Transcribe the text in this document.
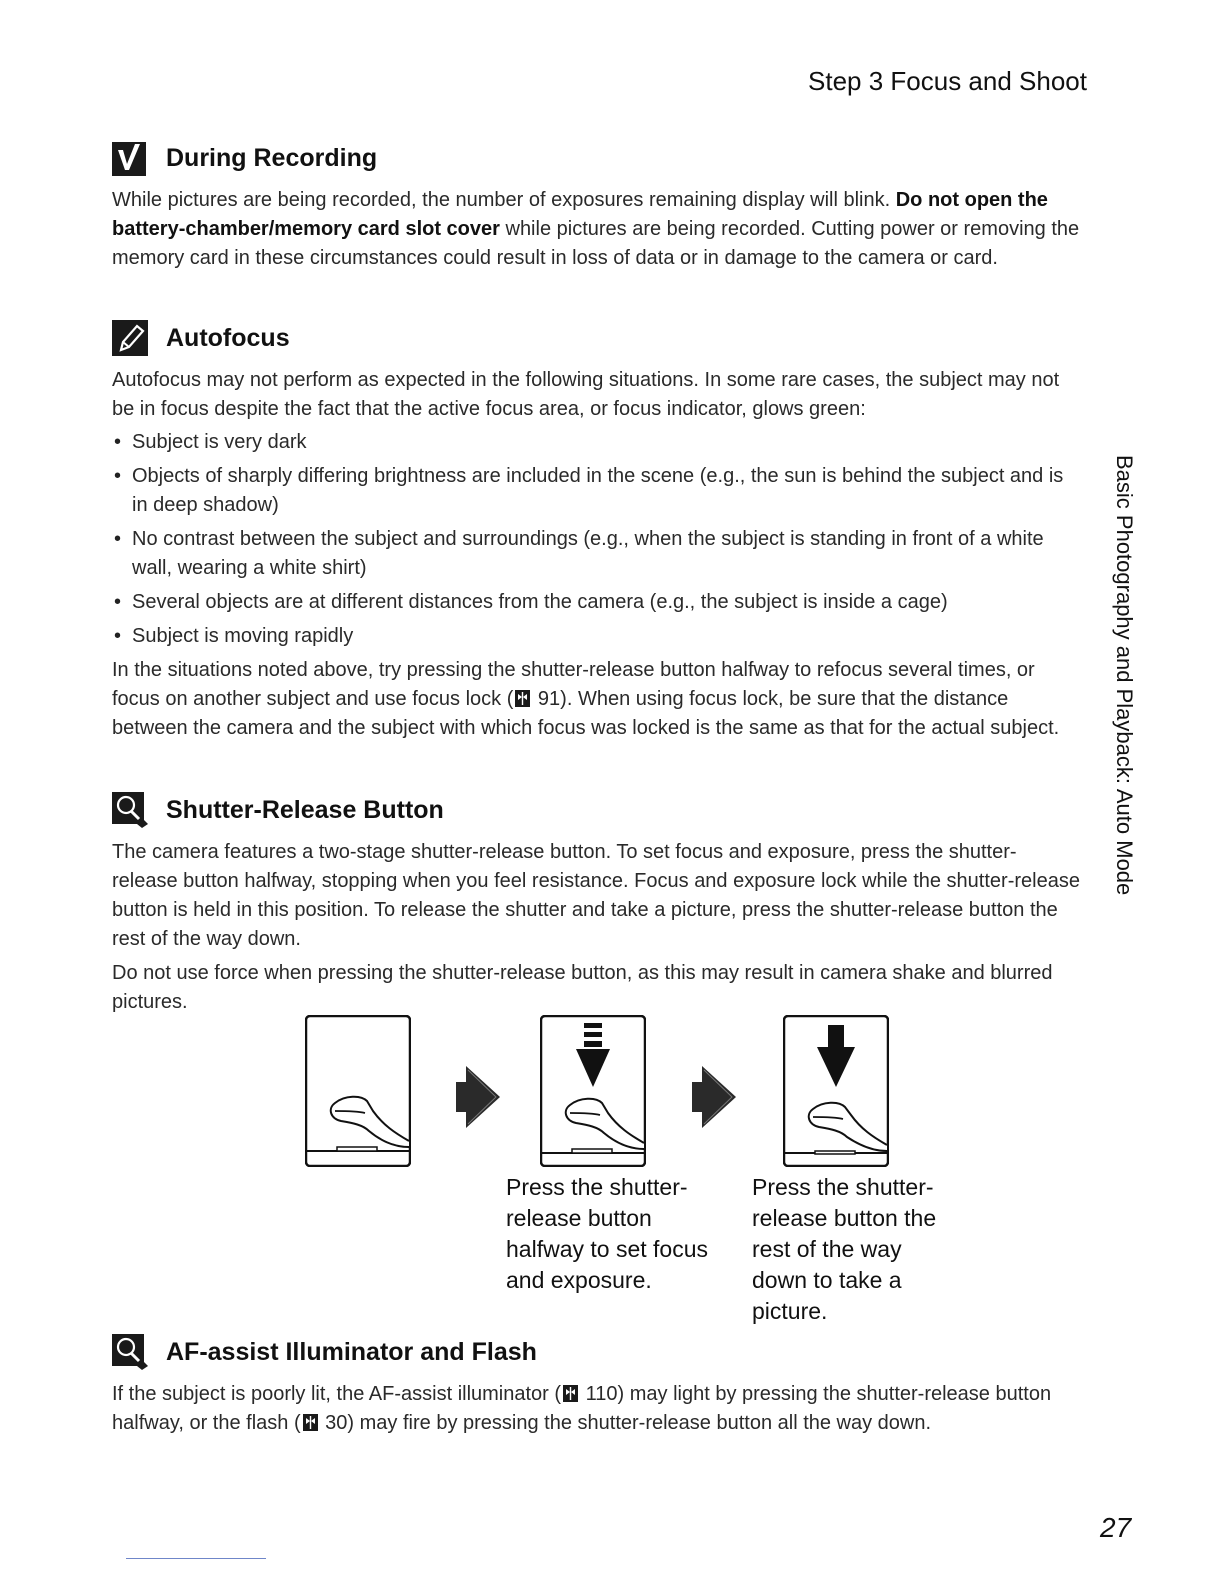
Step 3 Focus and Shoot
Basic Photography and Playback: Auto Mode
During Recording

While pictures are being recorded, the number of exposures remaining display will blink. Do not open the battery-chamber/memory card slot cover while pictures are being recorded. Cutting power or removing the memory card in these circumstances could result in loss of data or in damage to the camera or card.

Autofocus

Autofocus may not perform as expected in the following situations. In some rare cases, the subject may not be in focus despite the fact that the active focus area, or focus indicator, glows green:

• Subject is very dark
• Objects of sharply differing brightness are included in the scene (e.g., the sun is behind the subject and is in deep shadow)
• No contrast between the subject and surroundings (e.g., when the subject is standing in front of a white wall, wearing a white shirt)
• Several objects are at different distances from the camera (e.g., the subject is inside a cage)
• Subject is moving rapidly

In the situations noted above, try pressing the shutter-release button halfway to refocus several times, or focus on another subject and use focus lock ( 91). When using focus lock, be sure that the distance between the camera and the subject with which focus was locked is the same as that for the actual subject.

Shutter-Release Button

The camera features a two-stage shutter-release button. To set focus and exposure, press the shutter-release button halfway, stopping when you feel resistance. Focus and exposure lock while the shutter-release button is held in this position. To release the shutter and take a picture, press the shutter-release button the rest of the way down.

Do not use force when pressing the shutter-release button, as this may result in camera shake and blurred pictures.

Press the shutter-release button halfway to set focus and exposure.
Press the shutter-release button the rest of the way down to take a picture.
AF-assist Illuminator and Flash

If the subject is poorly lit, the AF-assist illuminator ( 110) may light by pressing the shutter-release button halfway, or the flash ( 30) may fire by pressing the shutter-release button all the way down.

27
